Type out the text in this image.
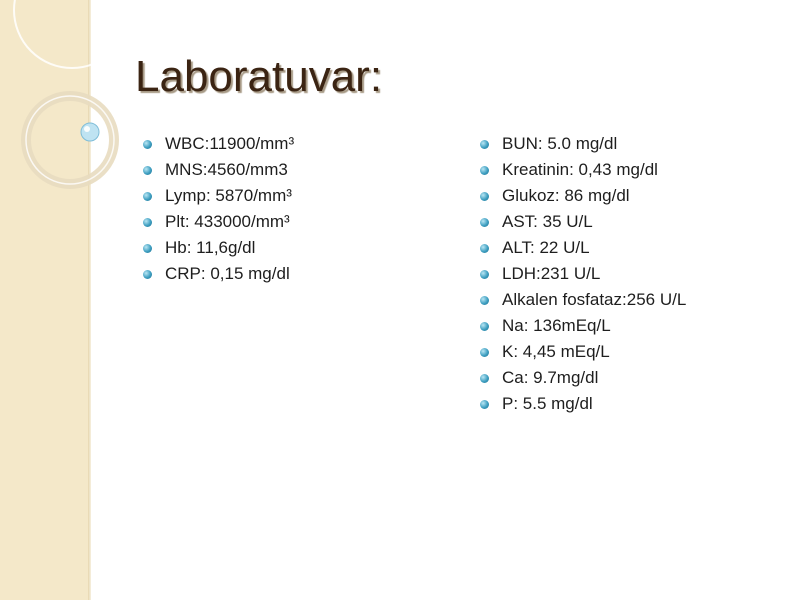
Laboratuvar:
WBC:11900/mm³
MNS:4560/mm3
Lymp: 5870/mm³
Plt: 433000/mm³
Hb: 11,6g/dl
CRP: 0,15 mg/dl
BUN: 5.0 mg/dl
Kreatinin: 0,43 mg/dl
Glukoz: 86 mg/dl
AST: 35 U/L
ALT: 22 U/L
LDH:231 U/L
Alkalen fosfataz:256 U/L
Na: 136mEq/L
K: 4,45 mEq/L
Ca: 9.7mg/dl
P: 5.5 mg/dl
